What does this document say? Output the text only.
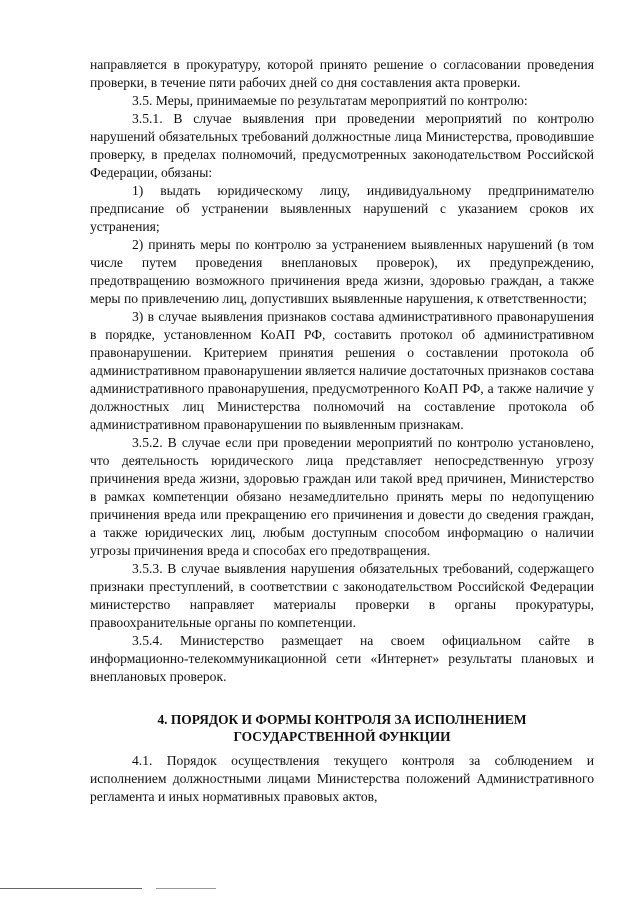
направляется в прокуратуру, которой принято решение о согласовании проведения проверки, в течение пяти рабочих дней со дня составления акта проверки.

3.5. Меры, принимаемые по результатам мероприятий по контролю:

3.5.1. В случае выявления при проведении мероприятий по контролю нарушений обязательных требований должностные лица Министерства, проводившие проверку, в пределах полномочий, предусмотренных законодательством Российской Федерации, обязаны:

1) выдать юридическому лицу, индивидуальному предпринимателю предписание об устранении выявленных нарушений с указанием сроков их устранения;

2) принять меры по контролю за устранением выявленных нарушений (в том числе путем проведения внеплановых проверок), их предупреждению, предотвращению возможного причинения вреда жизни, здоровью граждан, а также меры по привлечению лиц, допустивших выявленные нарушения, к ответственности;

3) в случае выявления признаков состава административного правонарушения в порядке, установленном КоАП РФ, составить протокол об административном правонарушении. Критерием принятия решения о составлении протокола об административном правонарушении является наличие достаточных признаков состава административного правонарушения, предусмотренного КоАП РФ, а также наличие у должностных лиц Министерства полномочий на составление протокола об административном правонарушении по выявленным признакам.

3.5.2. В случае если при проведении мероприятий по контролю установлено, что деятельность юридического лица представляет непосредственную угрозу причинения вреда жизни, здоровью граждан или такой вред причинен, Министерство в рамках компетенции обязано незамедлительно принять меры по недопущению причинения вреда или прекращению его причинения и довести до сведения граждан, а также юридических лиц, любым доступным способом информацию о наличии угрозы причинения вреда и способах его предотвращения.

3.5.3. В случае выявления нарушения обязательных требований, содержащего признаки преступлений, в соответствии с законодательством Российской Федерации министерство направляет материалы проверки в органы прокуратуры, правоохранительные органы по компетенции.

3.5.4. Министерство размещает на своем официальном сайте в информационно-телекоммуникационной сети «Интернет» результаты плановых и внеплановых проверок.

4. ПОРЯДОК И ФОРМЫ КОНТРОЛЯ ЗА ИСПОЛНЕНИЕМ
ГОСУДАРСТВЕННОЙ ФУНКЦИИ

4.1. Порядок осуществления текущего контроля за соблюдением и исполнением должностными лицами Министерства положений Административного регламента и иных нормативных правовых актов,
